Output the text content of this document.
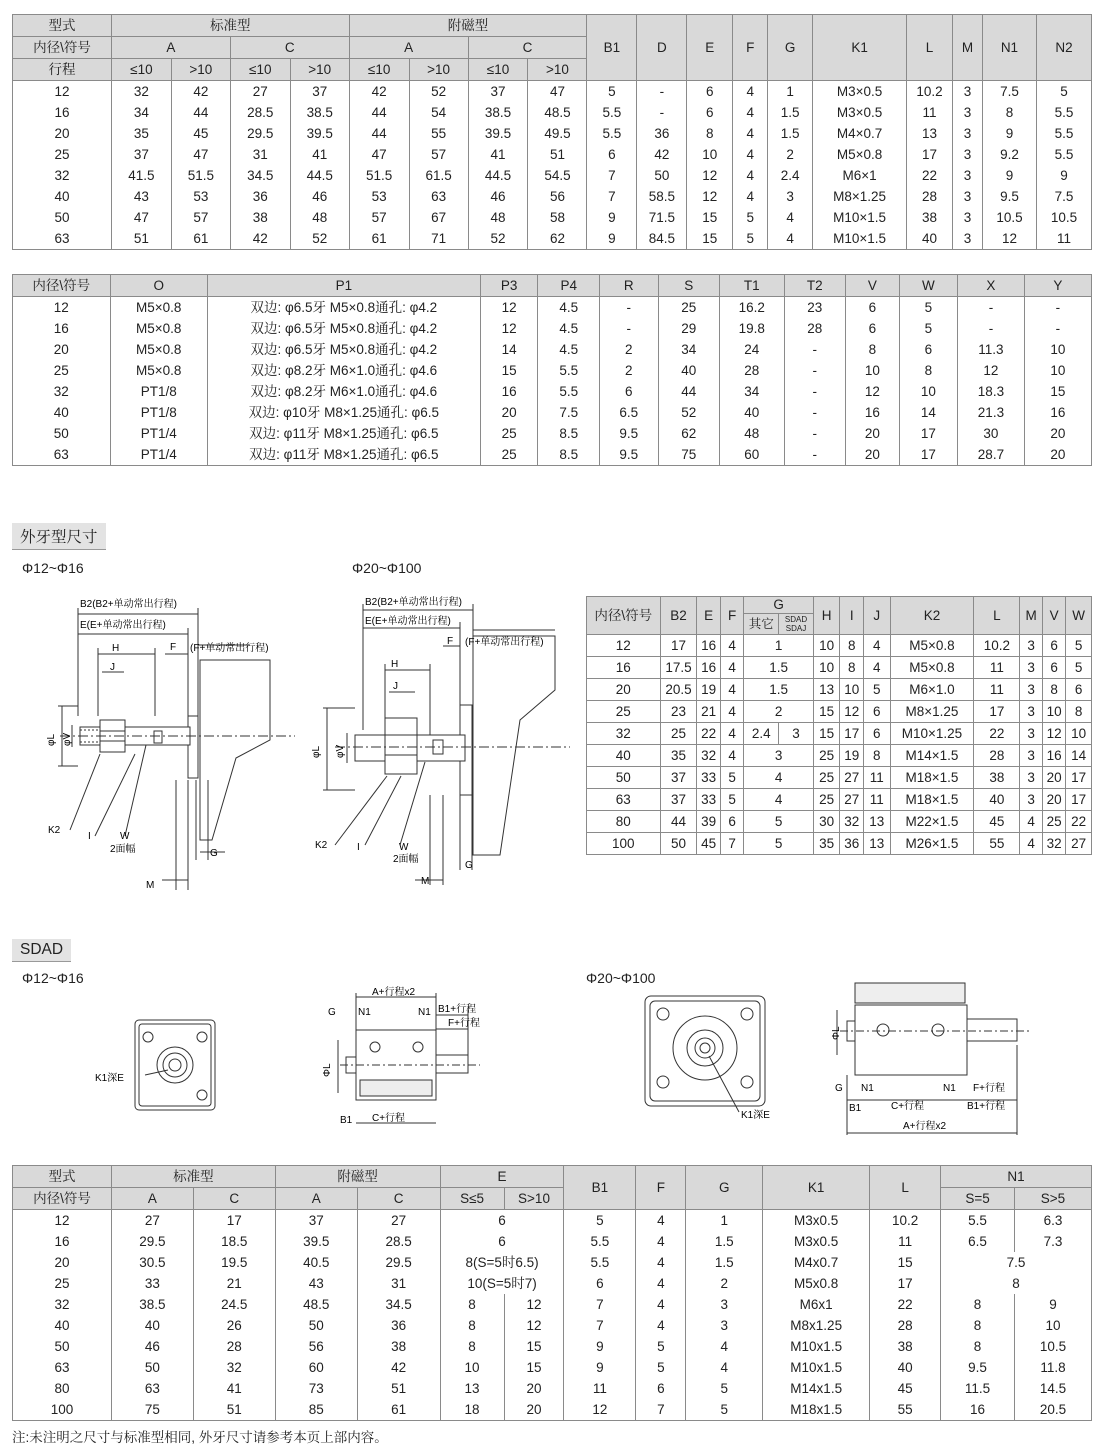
型式	标准型				附磁型				B1	D	E	F	G	K1	L	M	N1	N2
内径\符号	A		C		A		C											
行程	≤10	>10	≤10	>10	≤10	>10	≤10	>10										
12	32	42	27	37	42	52	37	47	5	-	6	4	1	M3×0.5	10.2	3	7.5	5
16	34	44	28.5	38.5	44	54	38.5	48.5	5.5	-	6	4	1.5	M3×0.5	11	3	8	5.5
20	35	45	29.5	39.5	44	55	39.5	49.5	5.5	36	8	4	1.5	M4×0.7	13	3	9	5.5
25	37	47	31	41	47	57	41	51	6	42	10	4	2	M5×0.8	17	3	9.2	5.5
32	41.5	51.5	34.5	44.5	51.5	61.5	44.5	54.5	7	50	12	4	2.4	M6×1	22	3	9	9
40	43	53	36	46	53	63	46	56	7	58.5	12	4	3	M8×1.25	28	3	9.5	7.5
50	47	57	38	48	57	67	48	58	9	71.5	15	5	4	M10×1.5	38	3	10.5	10.5
63	51	61	42	52	61	71	52	62	9	84.5	15	5	4	M10×1.5	40	3	12	11
内径\符号	O	P1	P3	P4	R	S	T1	T2	V	W	X	Y
12	M5×0.8	双边: φ6.5牙 M5×0.8通孔: φ4.2	12	4.5	-	25	16.2	23	6	5	-	-
16	M5×0.8	双边: φ6.5牙 M5×0.8通孔: φ4.2	12	4.5	-	29	19.8	28	6	5	-	-
20	M5×0.8	双边: φ6.5牙 M5×0.8通孔: φ4.2	14	4.5	2	34	24	-	8	6	11.3	10
25	M5×0.8	双边: φ8.2牙 M6×1.0通孔: φ4.6	15	5.5	2	40	28	-	10	8	12	10
32	PT1/8	双边: φ8.2牙 M6×1.0通孔: φ4.6	16	5.5	6	44	34	-	12	10	18.3	15
40	PT1/8	双边: φ10牙 M8×1.25通孔: φ6.5	20	7.5	6.5	52	40	-	16	14	21.3	16
50	PT1/4	双边: φ11牙 M8×1.25通孔: φ6.5	25	8.5	9.5	62	48	-	20	17	30	20
63	PT1/4	双边: φ11牙 M8×1.25通孔: φ6.5	25	8.5	9.5	75	60	-	20	17	28.7	20
外牙型尺寸
Φ12~Φ16	Φ20~Φ100
B2(B2+单动常出行程)
E(E+单动常出行程)
(F+单动常出行程)
F
H
J
φL φV
K2
I	W
2面幅	G
M
B2(B2+单动常出行程)
E(E+单动常出行程)
(F+单动常出行程)
F
H
J
φL φV
K2	I	W
2面幅
G
M
内径\符号	B2	E	F	G		H	I	J	K2	L	M	V	W
				其它	SDAD
SDAJ								

12	17	16	4	1		10	8	4	M5×0.8	10.2	3	6	5
16	17.5	16	4	1.5		10	8	4	M5×0.8	11	3	6	5
20	20.5	19	4	1.5		13	10	5	M6×1.0	11	3	8	6
25	23	21	4	2		15	12	6	M8×1.25	17	3	10	8
32	25	22	4	2.4	3	15	17	6	M10×1.25	22	3	12	10
40	35	32	4	3		25	19	8	M14×1.5	28	3	16	14
50	37	33	5	4		25	27	11	M18×1.5	38	3	20	17
63	37	33	5	4		25	27	11	M18×1.5	40	3	20	17
80	44	39	6	5		30	32	13	M22×1.5	45	4	25	22
100	50	45	7	5		35	36	13	M26×1.5	55	4	32	27
SDAD
Φ12~Φ16	Φ20~Φ100
K1深E
A+行程x2
B1+行程
F+行程
G N1	N1
ΦL
B1 C+行程	K1深E
ΦL
G N1	N1 F+行程
B1	C+行程	B1+行程
A+行程x2
型式	标准型		附磁型		E		B1	F	G	K1	L	N1	
内径\符号	A	C	A	C	S≤5	S>10						S=5	S>5
12	27	17	37	27	6		5	4	1	M3x0.5	10.2	5.5	6.3
16	29.5	18.5	39.5	28.5	6		5.5	4	1.5	M3x0.5	11	6.5	7.3
20	30.5	19.5	40.5	29.5	8(S=5时6.5)		5.5	4	1.5	M4x0.7	15	7.5	
25	33	21	43	31	10(S=5时7)		6	4	2	M5x0.8	17	8	
32	38.5	24.5	48.5	34.5	8	12	7	4	3	M6x1	22	8	9
40	40	26	50	36	8	12	7	4	3	M8x1.25	28	8	10
50	46	28	56	38	8	15	9	5	4	M10x1.5	38	8	10.5
63	50	32	60	42	10	15	9	5	4	M10x1.5	40	9.5	11.8
80	63	41	73	51	13	20	11	6	5	M14x1.5	45	11.5	14.5
100	75	51	85	61	18	20	12	7	5	M18x1.5	55	16	20.5
注:未注明之尺寸与标准型相同, 外牙尺寸请参考本页上部内容。
